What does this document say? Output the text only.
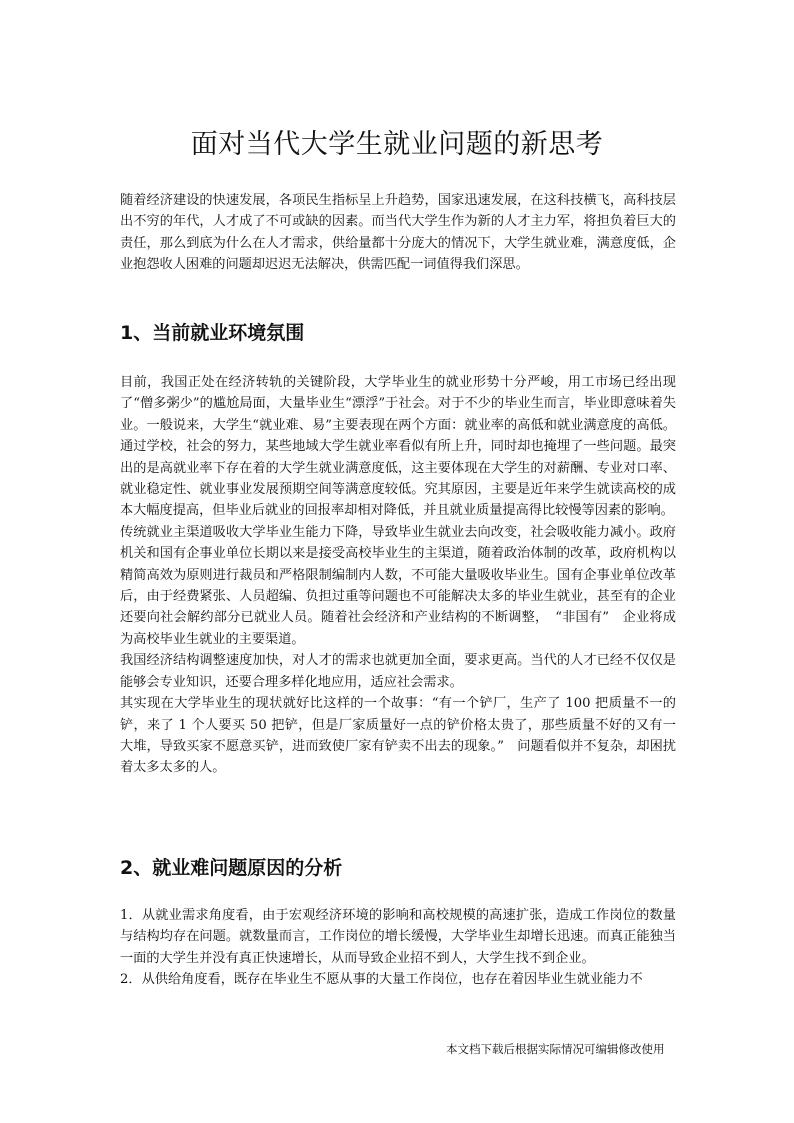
面对当代大学生就业问题的新思考

随着经济建设的快速发展，各项民生指标呈上升趋势，国家迅速发展，在这科技横飞，高科技层出不穷的年代，人才成了不可或缺的因素。而当代大学生作为新的人才主力军，将担负着巨大的责任，那么到底为什么在人才需求，供给量都十分庞大的情况下，大学生就业难，满意度低，企业抱怨收人困难的问题却迟迟无法解决，供需匹配一词值得我们深思。

1、当前就业环境氛围

目前，我国正处在经济转轨的关键阶段，大学毕业生的就业形势十分严峻，用工市场已经出现了“僧多粥少”的尴尬局面，大量毕业生“漂浮”于社会。对于不少的毕业生而言，毕业即意味着失业。一般说来，大学生“就业难、易”主要表现在两个方面：就业率的高低和就业满意度的高低。通过学校，社会的努力，某些地域大学生就业率看似有所上升，同时却也掩埋了一些问题。最突出的是高就业率下存在着的大学生就业满意度低，这主要体现在大学生的对薪酬、专业对口率、就业稳定性、就业事业发展预期空间等满意度较低。究其原因，主要是近年来学生就读高校的成本大幅度提高，但毕业后就业的回报率却相对降低，并且就业质量提高得比较慢等因素的影响。

传统就业主渠道吸收大学毕业生能力下降，导致毕业生就业去向改变，社会吸收能力减小。政府机关和国有企事业单位长期以来是接受高校毕业生的主渠道，随着政治体制的改革，政府机构以精简高效为原则进行裁员和严格限制编制内人数，不可能大量吸收毕业生。国有企事业单位改革后，由于经费紧张、人员超编、负担过重等问题也不可能解决太多的毕业生就业，甚至有的企业还要向社会解约部分已就业人员。随着社会经济和产业结构的不断调整，　“非国有”　企业将成为高校毕业生就业的主要渠道。

我国经济结构调整速度加快，对人才的需求也就更加全面，要求更高。当代的人才已经不仅仅是能够会专业知识，还要合理多样化地应用，适应社会需求。

其实现在大学毕业生的现状就好比这样的一个故事：“有一个铲厂，生产了 100 把质量不一的铲，来了 1 个人要买 50 把铲，但是厂家质量好一点的铲价格太贵了，那些质量不好的又有一大堆，导致买家不愿意买铲，进而致使厂家有铲卖不出去的现象。”　问题看似并不复杂，却困扰着太多太多的人。

2、就业难问题原因的分析

1．从就业需求角度看，由于宏观经济环境的影响和高校规模的高速扩张，造成工作岗位的数量与结构均存在问题。就数量而言，工作岗位的增长缓慢，大学毕业生却增长迅速。而真正能独当一面的大学生并没有真正快速增长，从而导致企业招不到人，大学生找不到企业。

2．从供给角度看，既存在毕业生不愿从事的大量工作岗位，也存在着因毕业生就业能力不

本文档下载后根据实际情况可编辑修改使用
